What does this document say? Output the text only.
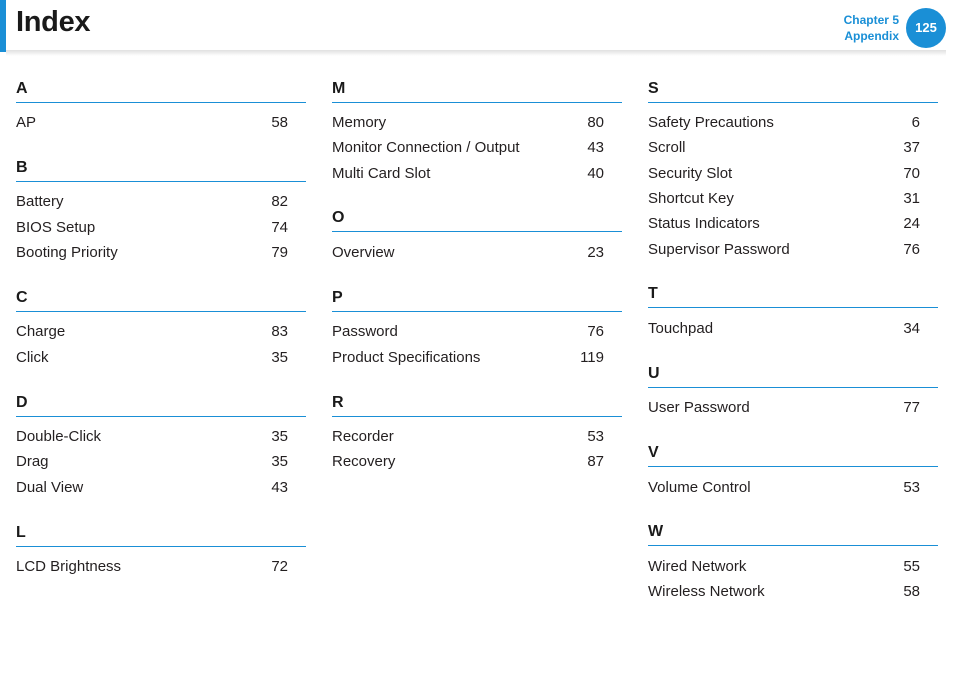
Index	Chapter 5
Appendix
125
A
AP	58
B
Battery	82
BIOS Setup	74
Booting Priority	79
C
Charge	83
Click	35
D
Double-Click	35
Drag	35
Dual View	43
L
LCD Brightness	72
M
Memory	80
Monitor Connection / Output	43
Multi Card Slot	40
O
Overview	23
P
Password	76
Product Specifications	119
R
Recorder	53
Recovery	87
S
Safety Precautions	6
Scroll	37
Security Slot	70
Shortcut Key	31
Status Indicators	24
Supervisor Password	76
T
Touchpad	34
U
User Password	77
V
Volume Control	53
W
Wired Network	55
Wireless Network	58
